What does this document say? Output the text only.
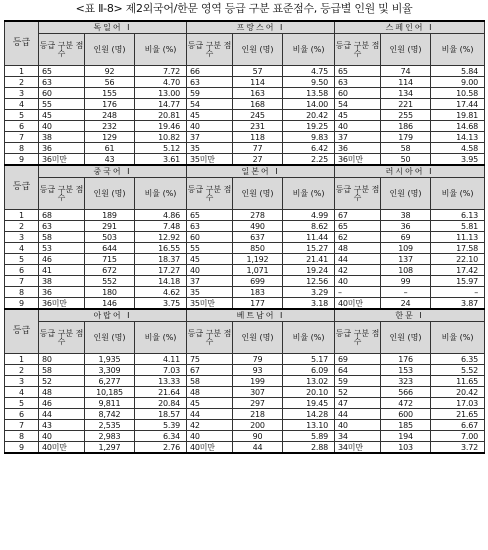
<표 Ⅱ-8> 제2외국어/한문 영역 등급 구분 표준점수, 등급별 인원 및 비율
등급	독일어 Ⅰ			프랑스어 Ⅰ			스페인어 Ⅰ		
	등급 구분 점수	인원 (명)	비율 (%)	등급 구분 점수	인원 (명)	비율 (%)	등급 구분 점수	인원 (명)	비율 (%)
1	65	92	7.72	66	57	4.75	65	74	5.84
2	63	56	4.70	63	114	9.50	63	114	9.00
3	60	155	13.00	59	163	13.58	60	134	10.58
4	55	176	14.77	54	168	14.00	54	221	17.44
5	45	248	20.81	45	245	20.42	45	255	19.81
6	40	232	19.46	40	231	19.25	40	186	14.68
7	38	129	10.82	37	118	9.83	37	179	14.13
8	36	61	5.12	35	77	6.42	36	58	4.58
9	36미만	43	3.61	35미만	27	2.25	36미만	50	3.95
등급	중국어 Ⅰ			일본어 Ⅰ			러시아어 Ⅰ		
	등급 구분 점수	인원 (명)	비율 (%)	등급 구분 점수	인원 (명)	비율 (%)	등급 구분 점수	인원 (명)	비율 (%)
1	68	189	4.86	65	278	4.99	67	38	6.13
2	63	291	7.48	63	490	8.62	65	36	5.81
3	58	503	12.92	60	637	11.44	62	69	11.13
4	53	644	16.55	55	850	15.27	48	109	17.58
5	46	715	18.37	45	1,192	21.41	44	137	22.10
6	41	672	17.27	40	1,071	19.24	42	108	17.42
7	38	552	14.18	37	699	12.56	40	99	15.97
8	36	180	4.62	35	183	3.29	–	–	–
9	36미만	146	3.75	35미만	177	3.18	40미만	24	3.87
등급	아랍어 Ⅰ			베트남어 Ⅰ			한문 Ⅰ		
	등급 구분 점수	인원 (명)	비율 (%)	등급 구분 점수	인원 (명)	비율 (%)	등급 구분 점수	인원 (명)	비율 (%)
1	80	1,935	4.11	75	79	5.17	69	176	6.35
2	58	3,309	7.03	67	93	6.09	64	153	5.52
3	52	6,277	13.33	58	199	13.02	59	323	11.65
4	48	10,185	21.64	48	307	20.10	52	566	20.42
5	46	9,811	20.84	45	297	19.45	47	472	17.03
6	44	8,742	18.57	44	218	14.28	44	600	21.65
7	43	2,535	5.39	42	200	13.10	40	185	6.67
8	40	2,983	6.34	40	90	5.89	34	194	7.00
9	40미만	1,297	2.76	40미만	44	2.88	34미만	103	3.72
